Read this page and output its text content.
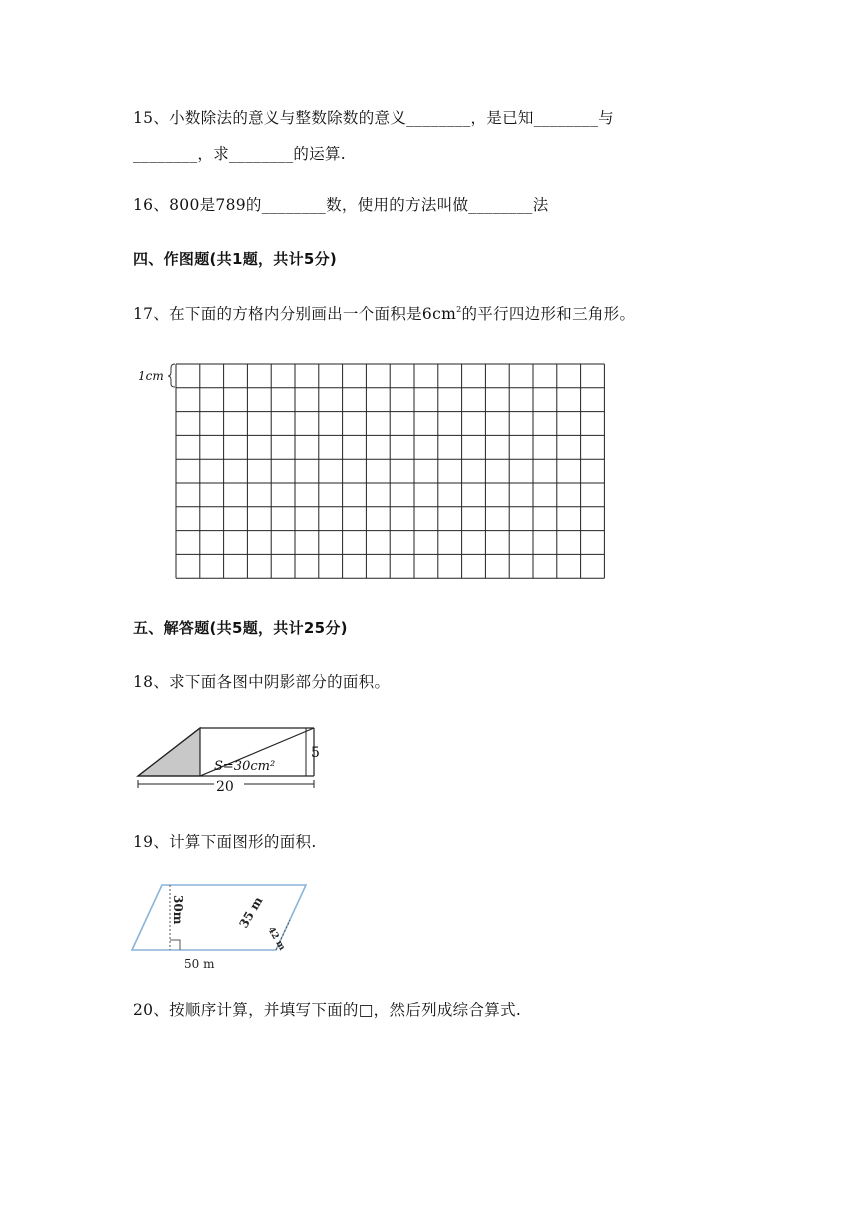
15、小数除法的意义与整数除数的意义________，是已知________与
________，求________的运算.
16、800是789的________数，使用的方法叫做________法
四、作图题(共1题，共计5分)
17、在下面的方格内分别画出一个面积是$6cm^2$的平行四边形和三角形。
1cm
五、解答题(共5题，共计25分)
18、求下面各图中阴影部分的面积。
5
S=30cm²
20
19、计算下面图形的面积.
30m	35 m
42 m
50 m
20、按顺序计算，并填写下面的□，然后列成综合算式.
